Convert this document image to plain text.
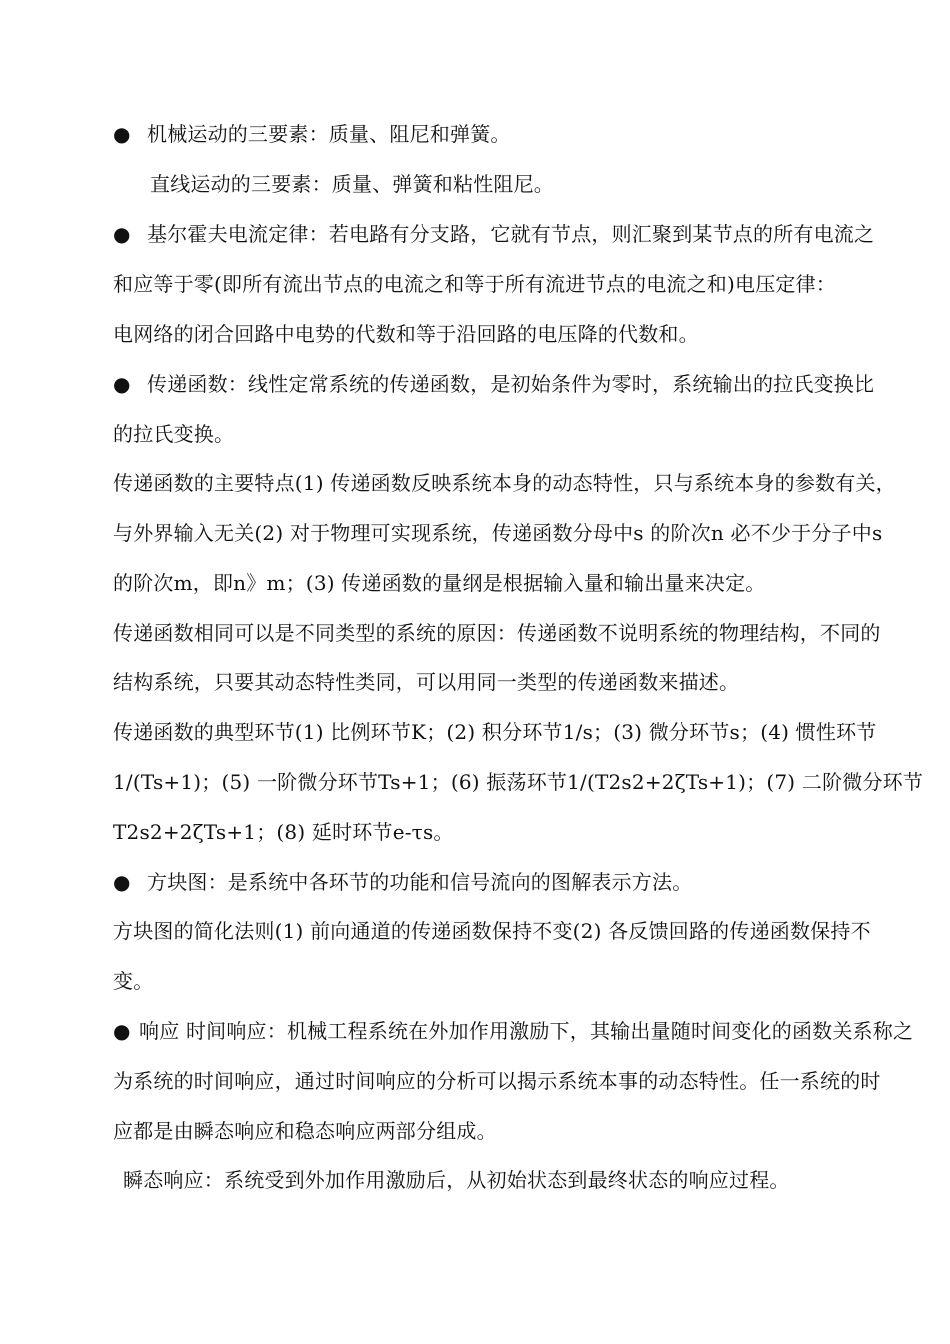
● 机械运动的三要素：质量、阻尼和弹簧。
直线运动的三要素：质量、弹簧和粘性阻尼。
● 基尔霍夫电流定律：若电路有分支路，它就有节点，则汇聚到某节点的所有电流之
和应等于零(即所有流出节点的电流之和等于所有流进节点的电流之和)电压定律：
电网络的闭合回路中电势的代数和等于沿回路的电压降的代数和。
● 传递函数：线性定常系统的传递函数，是初始条件为零时，系统输出的拉氏变换比
的拉氏变换。
传递函数的主要特点(1) 传递函数反映系统本身的动态特性，只与系统本身的参数有关，
与外界输入无关(2) 对于物理可实现系统，传递函数分母中s 的阶次n 必不少于分子中s
的阶次m，即n》m；(3) 传递函数的量纲是根据输入量和输出量来决定。
传递函数相同可以是不同类型的系统的原因：传递函数不说明系统的物理结构，不同的
结构系统，只要其动态特性类同，可以用同一类型的传递函数来描述。
传递函数的典型环节(1) 比例环节K；(2) 积分环节1/s；(3) 微分环节s；(4) 惯性环节
1/(Ts+1)；(5) 一阶微分环节Ts+1；(6) 振荡环节1/(T2s2+2ζTs+1)；(7) 二阶微分环节
T2s2+2ζTs+1；(8) 延时环节e-τs。
● 方块图：是系统中各环节的功能和信号流向的图解表示方法。
方块图的简化法则(1) 前向通道的传递函数保持不变(2) 各反馈回路的传递函数保持不
变。
● 响应 时间响应：机械工程系统在外加作用激励下，其输出量随时间变化的函数关系称之
为系统的时间响应，通过时间响应的分析可以揭示系统本事的动态特性。任一系统的时
应都是由瞬态响应和稳态响应两部分组成。
瞬态响应：系统受到外加作用激励后，从初始状态到最终状态的响应过程。
